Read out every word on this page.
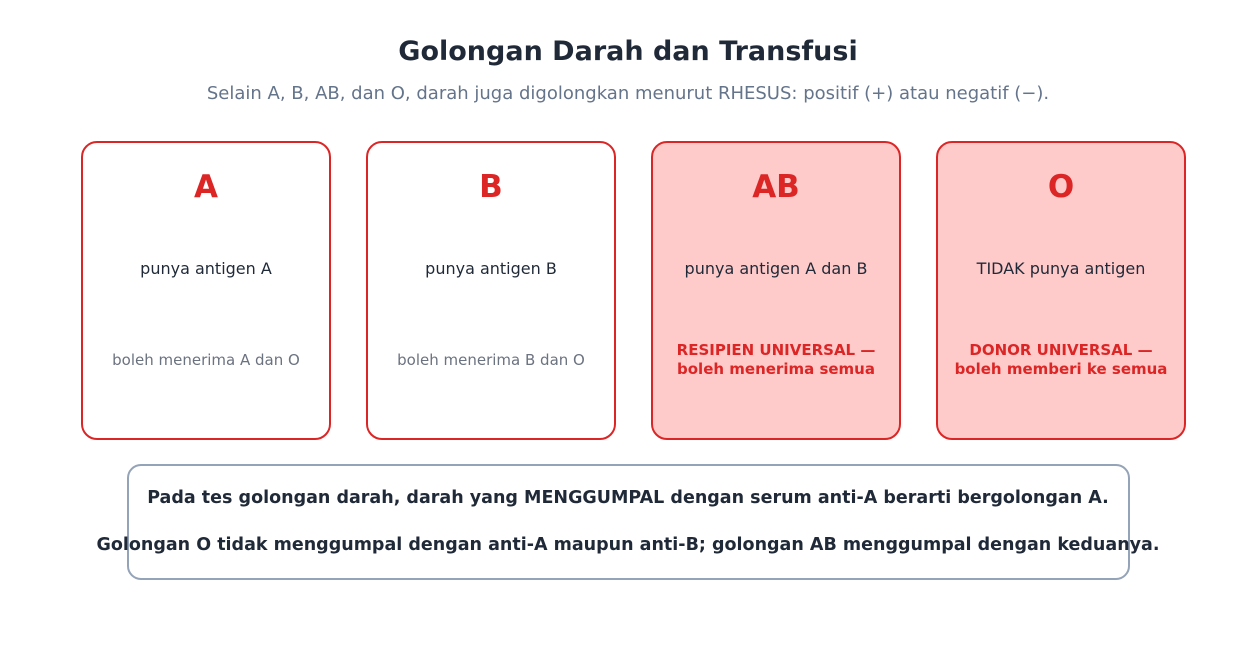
Golongan Darah dan Transfusi

Selain A, B, AB, dan O, darah juga digolongkan menurut RHESUS: positif (+) atau negatif (−).

A
punya antigen A
boleh menerima A dan O
B
punya antigen B
boleh menerima B dan O
AB
punya antigen A dan B
RESIPIEN UNIVERSAL —
boleh menerima semua
O
TIDAK punya antigen
DONOR UNIVERSAL —
boleh memberi ke semua
Pada tes golongan darah, darah yang MENGGUMPAL dengan serum anti-A berarti bergolongan A.
Golongan O tidak menggumpal dengan anti-A maupun anti-B; golongan AB menggumpal dengan keduanya.
